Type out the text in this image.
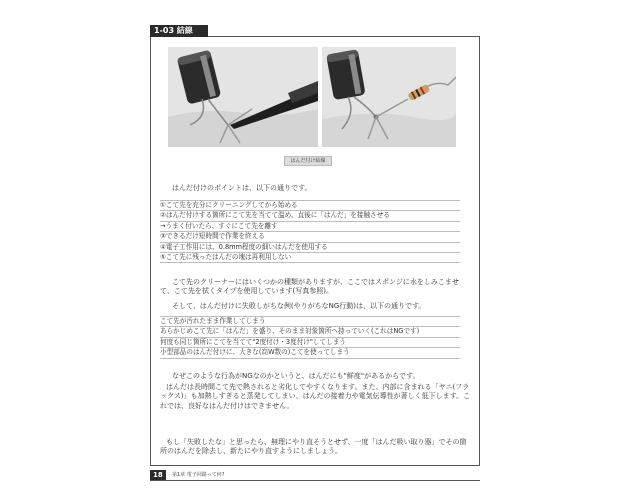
1-03 結線
はんだ付け結線

はんだ付けのポイントは、以下の通りです。

①こて先を充分にクリーニングしてから始める
②はんだ付けする箇所にこて先を当てて温め、直後に「はんだ」を接触させる
→うまく付いたら、すぐにこて先を離す
③できるだけ短時間で作業を終える
④電子工作用には、0.8mm程度の細いはんだを使用する
⑤こて先に残ったはんだの塊は再利用しない

こて先のクリーナーにはいくつかの種類がありますが、ここではスポンジに水をしみこませて、こて先を拭くタイプを使用しています(写真参照)。

そして、はんだ付けに失敗しがちな例(やりがちなNG行動)は、以下の通りです。

こて先が汚れたまま作業してしまう
あらかじめこて先に「はんだ」を盛り、そのまま対象箇所へ持っていく(これはNGです)
何度も同じ箇所にこてを当てて"2度付け・3度付け"してしまう
小型部品のはんだ付けに、大きな(高W数の)こてを使ってしまう

なぜこのような行為がNGなのかというと、はんだにも"鮮度"があるからです。

はんだは長時間こて先で熱されると劣化してやすくなります。また、内部に含まれる「ヤニ(フラックス)」も加熱しすぎると蒸発してしまい、はんだの接着力や電気伝導性が著しく低下します。これでは、良好なはんだ付けはできません。

もし「失敗したな」と思ったら、無理にやり直そうとせず、一度「はんだ吸い取り器」でその箇所のはんだを除去し、新たにやり直すようにしましょう。

18	第1章 電子回路って何?
